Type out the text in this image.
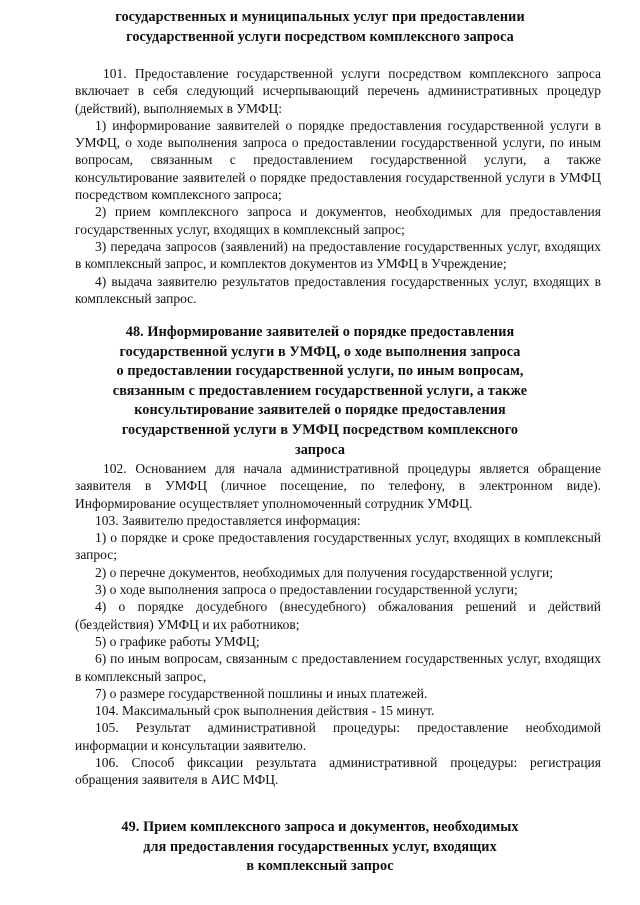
государственных и муниципальных услуг при предоставлении
государственной услуги посредством комплексного запроса
101. Предоставление государственной услуги посредством комплексного запроса включает в себя следующий исчерпывающий перечень административных процедур (действий), выполняемых в УМФЦ:
1) информирование заявителей о порядке предоставления государственной услуги в УМФЦ, о ходе выполнения запроса о предоставлении государственной услуги, по иным вопросам, связанным с предоставлением государственной услуги, а также консультирование заявителей о порядке предоставления государственной услуги в УМФЦ посредством комплексного запроса;
2) прием комплексного запроса и документов, необходимых для предоставления государственных услуг, входящих в комплексный запрос;
3) передача запросов (заявлений) на предоставление государственных услуг, входящих в комплексный запрос, и комплектов документов из УМФЦ в Учреждение;
4) выдача заявителю результатов предоставления государственных услуг, входящих в комплексный запрос.
48. Информирование заявителей о порядке предоставления
государственной услуги в УМФЦ, о ходе выполнения запроса
о предоставлении государственной услуги, по иным вопросам,
связанным с предоставлением государственной услуги, а также
консультирование заявителей о порядке предоставления
государственной услуги в УМФЦ посредством комплексного
запроса
102. Основанием для начала административной процедуры является обращение заявителя в УМФЦ (личное посещение, по телефону, в электронном виде). Информирование осуществляет уполномоченный сотрудник УМФЦ.
103. Заявителю предоставляется информация:
1) о порядке и сроке предоставления государственных услуг, входящих в комплексный запрос;
2) о перечне документов, необходимых для получения государственной услуги;
3) о ходе выполнения запроса о предоставлении государственной услуги;
4) о порядке досудебного (внесудебного) обжалования решений и действий (бездействия) УМФЦ и их работников;
5) о графике работы УМФЦ;
6) по иным вопросам, связанным с предоставлением государственных услуг, входящих в комплексный запрос,
7) о размере государственной пошлины и иных платежей.
104. Максимальный срок выполнения действия - 15 минут.
105. Результат административной процедуры: предоставление необходимой информации и консультации заявителю.
106. Способ фиксации результата административной процедуры: регистрация обращения заявителя в АИС МФЦ.
49. Прием комплексного запроса и документов, необходимых
для предоставления государственных услуг, входящих
в комплексный запрос
